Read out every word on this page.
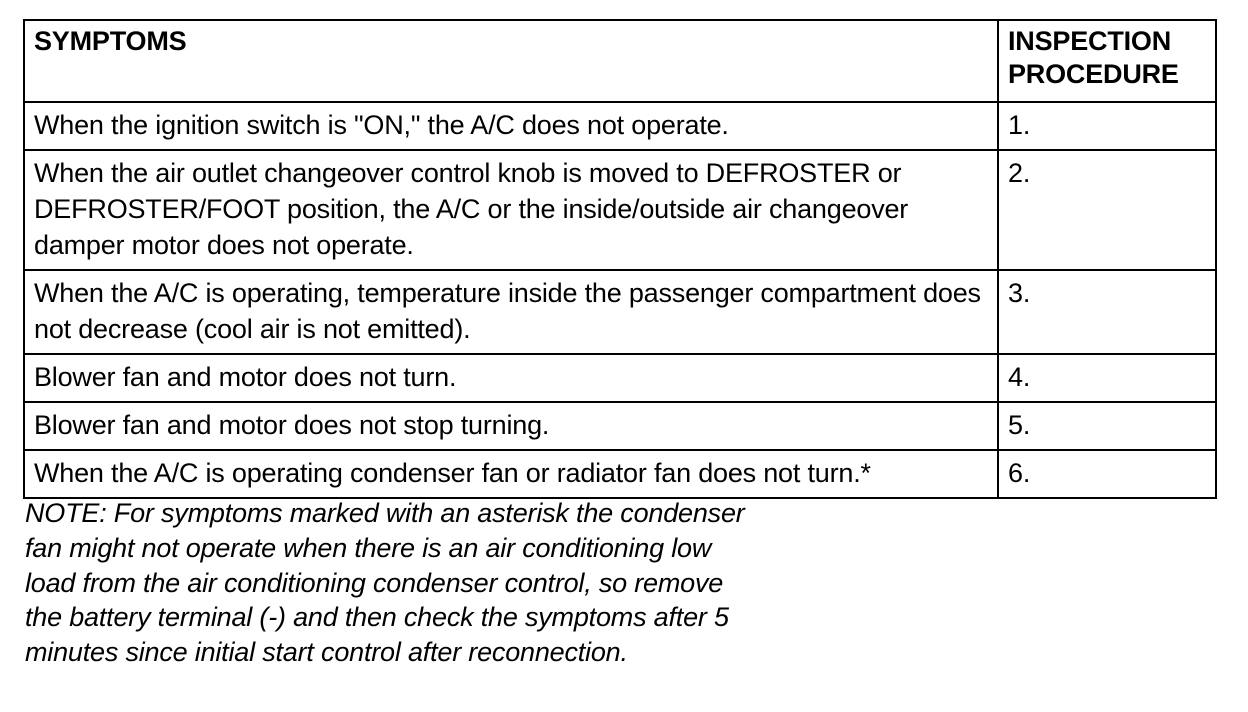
SYMPTOMS	INSPECTION
PROCEDURE
When the ignition switch is "ON," the A/C does not operate.	1.
When the air outlet changeover control knob is moved to DEFROSTER or DEFROSTER/FOOT position, the A/C or the inside/outside air changeover damper motor does not operate.	2.
When the A/C is operating, temperature inside the passenger compartment does not decrease (cool air is not emitted).	3.
Blower fan and motor does not turn.	4.
Blower fan and motor does not stop turning.	5.
When the A/C is operating condenser fan or radiator fan does not turn.*	6.

NOTE: For symptoms marked with an asterisk the condenser fan might not operate when there is an air conditioning low load from the air conditioning condenser control, so remove the battery terminal (-) and then check the symptoms after 5 minutes since initial start control after reconnection.
